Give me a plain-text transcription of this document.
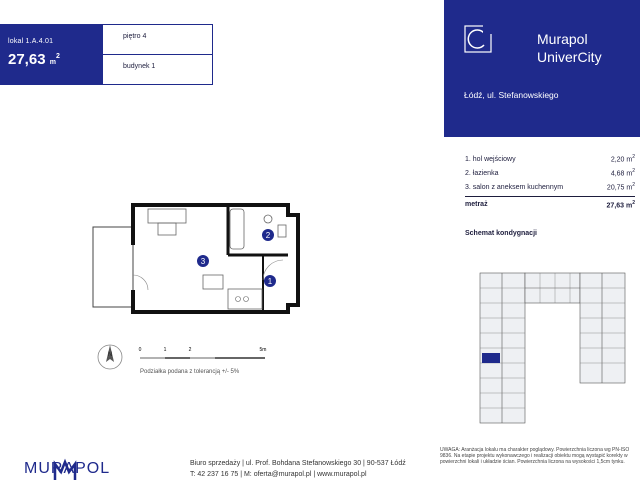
lokal 1.A.4.01
27,63 $m^2$
piętro 4
budynek 1
Murapol
UniverCity
Łódź, ul. Stefanowskiego
1. hol wejściowy	2,20 $m^2$
2. łazienka	4,68 $m^2$
3. salon z aneksem kuchennym	20,75 $m^2$
metraż	27,63 $m^2$
Schemat kondygnacji
1
2
3
N
0	1	2	5m
Podziałka podana z tolerancją +/- 5%
MURAPOL	Biuro sprzedaży | ul. Prof. Bohdana Stefanowskiego 30 | 90-537 Łódź
T: 42 237 16 75 | M: oferta@murapol.pl | www.murapol.pl
UWAGA: Aranżacja lokalu ma charakter poglądowy. Powierzchnia liczona wg PN-ISO 9836. Na etapie projektu wykonawczego i realizacji obiektu mogą wystąpić korekty w powierzchni lokali i układzie ścian. Powierzchnia liczona na wysokości 1,5cm tynku.
